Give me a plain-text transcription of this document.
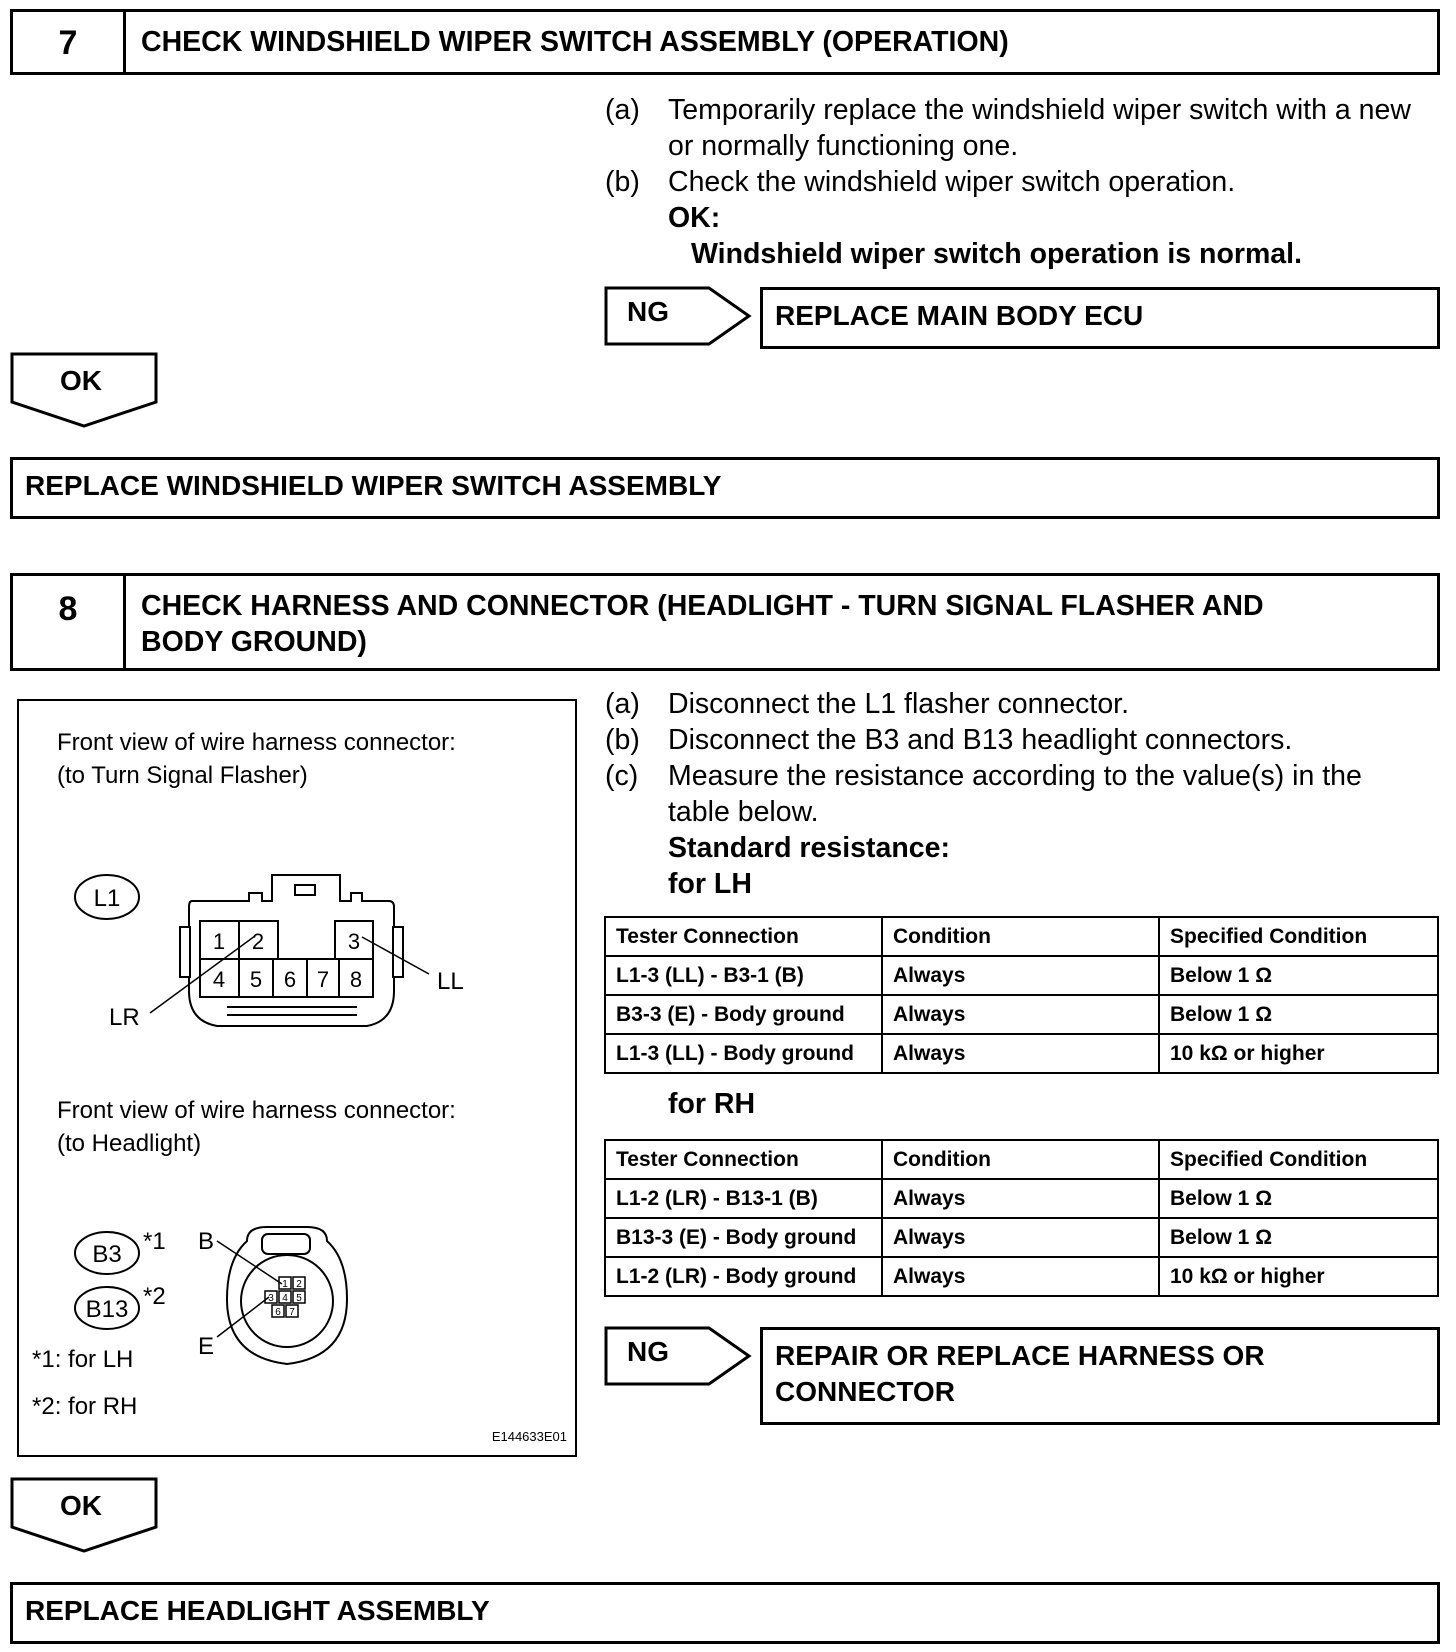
7	CHECK WINDSHIELD WIPER SWITCH ASSEMBLY (OPERATION)
(a) Temporarily replace the windshield wiper switch with a new or normally functioning one.
(b) Check the windshield wiper switch operation.
OK:
Windshield wiper switch operation is normal.
NG	REPLACE MAIN BODY ECU
OK
REPLACE WINDSHIELD WIPER SWITCH ASSEMBLY
8	CHECK HARNESS AND CONNECTOR (HEADLIGHT - TURN SIGNAL FLASHER AND
BODY GROUND)
Front view of wire harness connector:
(to Turn Signal Flasher)
L1
1 2	3
4 5 6 7 8
LR
LL
Front view of wire harness connector:
(to Headlight)
B3
B13
*1
*2	1 2
3 4 5
6 7
B
E
*1: for LH
*2: for RH
E144633E01
(a) Disconnect the L1 flasher connector.
(b) Disconnect the B3 and B13 headlight connectors.
(c)	Measure the resistance according to the value(s) in the table below.
Standard resistance:
for LH
Tester Connection	Condition	Specified Condition
L1-3 (LL) - B3-1 (B)	Always	Below 1 Ω
B3-3 (E) - Body ground	Always	Below 1 Ω
L1-3 (LL) - Body ground	Always	10 kΩ or higher
for RH
Tester Connection	Condition	Specified Condition
L1-2 (LR) - B13-1 (B)	Always	Below 1 Ω
B13-3 (E) - Body ground	Always	Below 1 Ω
L1-2 (LR) - Body ground	Always	10 kΩ or higher
NG	REPAIR OR REPLACE HARNESS OR
CONNECTOR
OK
REPLACE HEADLIGHT ASSEMBLY
